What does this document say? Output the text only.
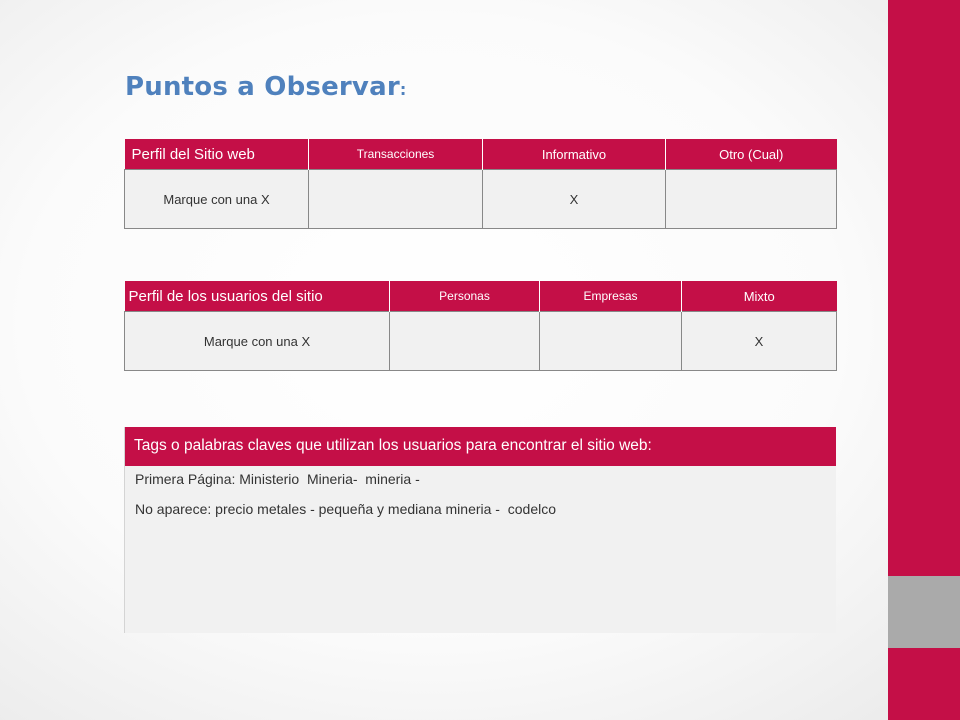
Puntos a Observar:
Perfil del Sitio web	Transacciones	Informativo	Otro (Cual)
Marque con una X		X	
Perfil de los usuarios del sitio	Personas	Empresas	Mixto
Marque con una X			X
Tags o palabras claves que utilizan los usuarios para encontrar el sitio web:
Primera Página: Ministerio  Mineria-  mineria -
No aparece: precio metales - pequeña y mediana mineria -  codelco
